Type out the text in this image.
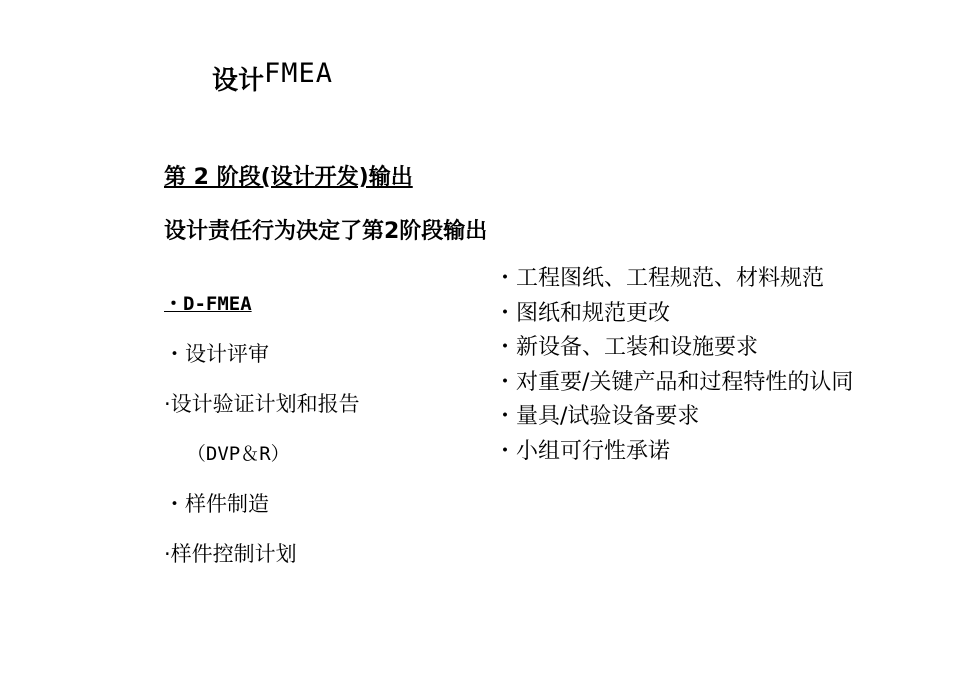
设计FMEA
第 2 阶段(设计开发)输出
设计责任行为决定了第2阶段输出
・D-FMEA
・设计评审
·设计验证计划和报告
（DVP＆R）
・样件制造
·样件控制计划
・工程图纸、工程规范、材料规范
・图纸和规范更改
・新设备、工装和设施要求
・对重要/关键产品和过程特性的认同
・量具/试验设备要求
・小组可行性承诺
